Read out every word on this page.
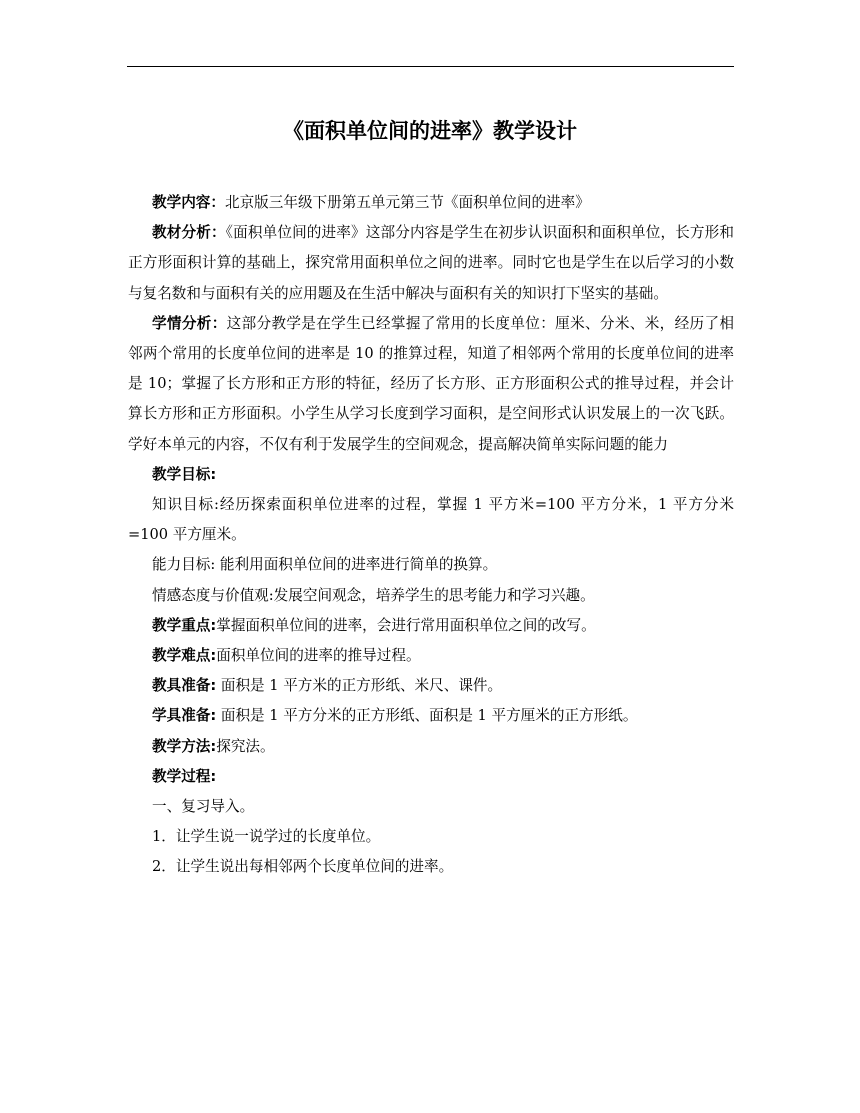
《面积单位间的进率》教学设计

教学内容：北京版三年级下册第五单元第三节《面积单位间的进率》

教材分析：《面积单位间的进率》这部分内容是学生在初步认识面积和面积单位，长方形和正方形面积计算的基础上，探究常用面积单位之间的进率。同时它也是学生在以后学习的小数与复名数和与面积有关的应用题及在生活中解决与面积有关的知识打下坚实的基础。

学情分析：这部分教学是在学生已经掌握了常用的长度单位：厘米、分米、米，经历了相邻两个常用的长度单位间的进率是 10 的推算过程，知道了相邻两个常用的长度单位间的进率是 10；掌握了长方形和正方形的特征，经历了长方形、正方形面积公式的推导过程，并会计算长方形和正方形面积。小学生从学习长度到学习面积，是空间形式认识发展上的一次飞跃。学好本单元的内容，不仅有利于发展学生的空间观念，提高解决简单实际问题的能力

教学目标:

知识目标:经历探索面积单位进率的过程，掌握 1 平方米=100 平方分米，1 平方分米=100 平方厘米。

能力目标: 能利用面积单位间的进率进行简单的换算。

情感态度与价值观:发展空间观念，培养学生的思考能力和学习兴趣。

教学重点:掌握面积单位间的进率，会进行常用面积单位之间的改写。

教学难点:面积单位间的进率的推导过程。

教具准备: 面积是 1 平方米的正方形纸、米尺、课件。

学具准备: 面积是 1 平方分米的正方形纸、面积是 1 平方厘米的正方形纸。

教学方法:探究法。

教学过程:

一、复习导入。

1．让学生说一说学过的长度单位。

2．让学生说出每相邻两个长度单位间的进率。
